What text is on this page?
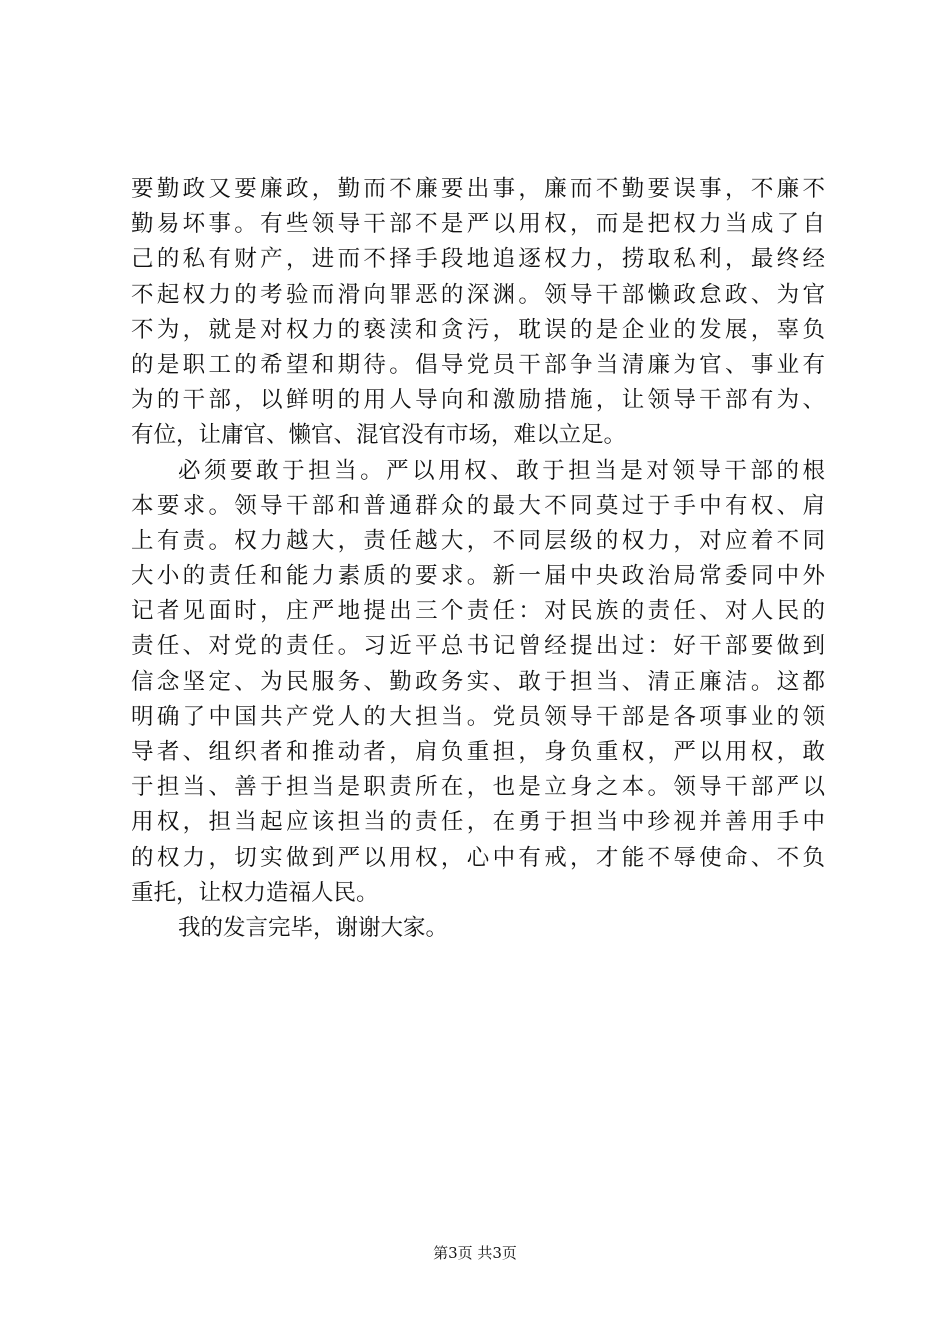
要勤政又要廉政，勤而不廉要出事，廉而不勤要误事，不廉不
勤易坏事。有些领导干部不是严以用权，而是把权力当成了自
己的私有财产，进而不择手段地追逐权力，捞取私利，最终经
不起权力的考验而滑向罪恶的深渊。领导干部懒政怠政、为官
不为，就是对权力的亵渎和贪污，耽误的是企业的发展，辜负
的是职工的希望和期待。倡导党员干部争当清廉为官、事业有
为的干部，以鲜明的用人导向和激励措施，让领导干部有为、
有位，让庸官、懒官、混官没有市场，难以立足。
必须要敢于担当。严以用权、敢于担当是对领导干部的根
本要求。领导干部和普通群众的最大不同莫过于手中有权、肩
上有责。权力越大，责任越大，不同层级的权力，对应着不同
大小的责任和能力素质的要求。新一届中央政治局常委同中外
记者见面时，庄严地提出三个责任：对民族的责任、对人民的
责任、对党的责任。习近平总书记曾经提出过：好干部要做到
信念坚定、为民服务、勤政务实、敢于担当、清正廉洁。这都
明确了中国共产党人的大担当。党员领导干部是各项事业的领
导者、组织者和推动者，肩负重担，身负重权，严以用权，敢
于担当、善于担当是职责所在，也是立身之本。领导干部严以
用权，担当起应该担当的责任，在勇于担当中珍视并善用手中
的权力，切实做到严以用权，心中有戒，才能不辱使命、不负
重托，让权力造福人民。
我的发言完毕，谢谢大家。
第3页 共3页
